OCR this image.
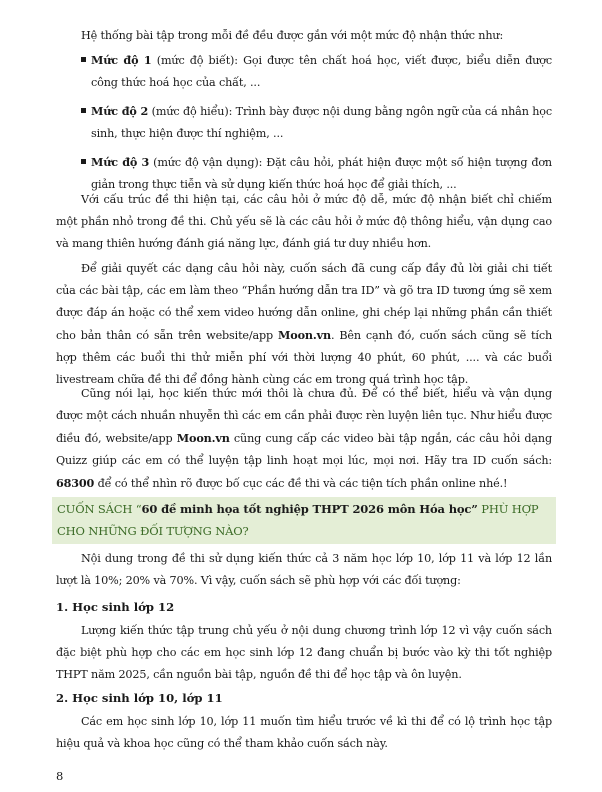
Hệ thống bài tập trong mỗi đề đều được gắn với một mức độ nhận thức như:

Mức độ 1 (mức độ biết): Gọi được tên chất hoá học, viết được, biểu diễn được công thức hoá học của chất, ...
Mức độ 2 (mức độ hiểu): Trình bày được nội dung bằng ngôn ngữ của cá nhân học sinh, thực hiện được thí nghiệm, ...
Mức độ 3 (mức độ vận dụng): Đặt câu hỏi, phát hiện được một số hiện tượng đơn giản trong thực tiễn và sử dụng kiến thức hoá học để giải thích, ...

Với cấu trúc đề thi hiện tại, các câu hỏi ở mức độ dễ, mức độ nhận biết chỉ chiếm một phần nhỏ trong đề thi. Chủ yếu sẽ là các câu hỏi ở mức độ thông hiểu, vận dụng cao và mang thiên hướng đánh giá năng lực, đánh giá tư duy nhiều hơn.

Để giải quyết các dạng câu hỏi này, cuốn sách đã cung cấp đầy đủ lời giải chi tiết của các bài tập, các em làm theo “Phần hướng dẫn tra ID” và gõ tra ID tương ứng sẽ xem được đáp án hoặc có thể xem video hướng dẫn online, ghi chép lại những phần cần thiết cho bản thân có sẵn trên website/app Moon.vn. Bên cạnh đó, cuốn sách cũng sẽ tích hợp thêm các buổi thi thử miễn phí với thời lượng 40 phút, 60 phút, .... và các buổi livestream chữa đề thi để đồng hành cùng các em trong quá trình học tập.

Cũng nói lại, học kiến thức mới thôi là chưa đủ. Để có thể biết, hiểu và vận dụng được một cách nhuần nhuyễn thì các em cần phải được rèn luyện liên tục. Như hiểu được điều đó, website/app Moon.vn cũng cung cấp các video bài tập ngắn, các câu hỏi dạng Quizz giúp các em có thể luyện tập linh hoạt mọi lúc, mọi nơi. Hãy tra ID cuốn sách: 68300 để có thể nhìn rõ được bố cục các đề thi và các tiện tích phần online nhé.!

CUỐN SÁCH “60 đề minh họa tốt nghiệp THPT 2026 môn Hóa học” PHÙ HỢP CHO NHỮNG ĐỐI TƯỢNG NÀO?

Nội dung trong đề thi sử dụng kiến thức cả 3 năm học lớp 10, lớp 11 và lớp 12 lần lượt là 10%; 20% và 70%. Vì vậy, cuốn sách sẽ phù hợp với các đối tượng:

1. Học sinh lớp 12

Lượng kiến thức tập trung chủ yếu ở nội dung chương trình lớp 12 vì vậy cuốn sách đặc biệt phù hợp cho các em học sinh lớp 12 đang chuẩn bị bước vào kỳ thi tốt nghiệp THPT năm 2025, cần nguồn bài tập, nguồn đề thi để học tập và ôn luyện.

2. Học sinh lớp 10, lớp 11

Các em học sinh lớp 10, lớp 11 muốn tìm hiểu trước về kì thi để có lộ trình học tập hiệu quả và khoa học cũng có thể tham khảo cuốn sách này.

8
